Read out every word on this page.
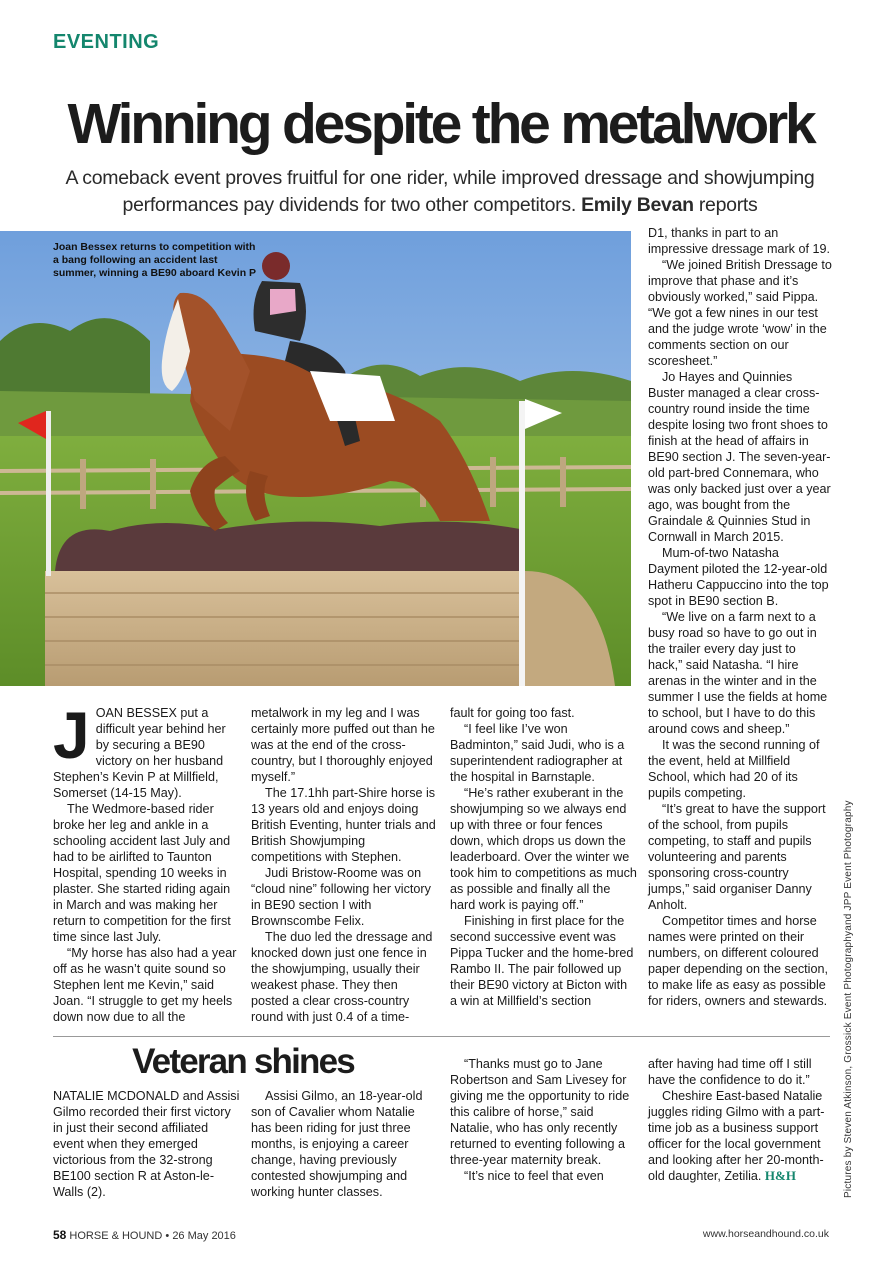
EVENTING
Winning despite the metalwork
A comeback event proves fruitful for one rider, while improved dressage and showjumping performances pay dividends for two other competitors. Emily Bevan reports
Joan Bessex returns to competition with a bang following an accident last summer, winning a BE90 aboard Kevin P

JOAN BESSEX put a difficult year behind her by securing a BE90 victory on her husband Stephen’s Kevin P at Millfield, Somerset (14-15 May).

The Wedmore-based rider broke her leg and ankle in a schooling accident last July and had to be airlifted to Taunton Hospital, spending 10 weeks in plaster. She started riding again in March and was making her return to competition for the first time since last July.

“My horse has also had a year off as he wasn’t quite sound so Stephen lent me Kevin,” said Joan. “I struggle to get my heels down now due to all the

metalwork in my leg and I was certainly more puffed out than he was at the end of the cross-country, but I thoroughly enjoyed myself.”

The 17.1hh part-Shire horse is 13 years old and enjoys doing British Eventing, hunter trials and British Showjumping competitions with Stephen.

Judi Bristow-Roome was on “cloud nine” following her victory in BE90 section I with Brownscombe Felix.

The duo led the dressage and knocked down just one fence in the showjumping, usually their weakest phase. They then posted a clear cross-country round with just 0.4 of a time-

fault for going too fast.

“I feel like I’ve won Badminton,” said Judi, who is a superintendent radiographer at the hospital in Barnstaple.

“He’s rather exuberant in the showjumping so we always end up with three or four fences down, which drops us down the leaderboard. Over the winter we took him to competitions as much as possible and finally all the hard work is paying off.”

Finishing in first place for the second successive event was Pippa Tucker and the home-bred Rambo II. The pair followed up their BE90 victory at Bicton with a win at Millfield’s section

D1, thanks in part to an impressive dressage mark of 19.

“We joined British Dressage to improve that phase and it’s obviously worked,” said Pippa. “We got a few nines in our test and the judge wrote ‘wow’ in the comments section on our scoresheet.”

Jo Hayes and Quinnies Buster managed a clear cross-country round inside the time despite losing two front shoes to finish at the head of affairs in BE90 section J. The seven-year-old part-bred Connemara, who was only backed just over a year ago, was bought from the Graindale & Quinnies Stud in Cornwall in March 2015.

Mum-of-two Natasha Dayment piloted the 12-year-old Hatheru Cappuccino into the top spot in BE90 section B.

“We live on a farm next to a busy road so have to go out in the trailer every day just to hack,” said Natasha. “I hire arenas in the winter and in the summer I use the fields at home to school, but I have to do this around cows and sheep.”

It was the second running of the event, held at Millfield School, which had 20 of its pupils competing.

“It’s great to have the support of the school, from pupils competing, to staff and pupils volunteering and parents sponsoring cross-country jumps,” said organiser Danny Anholt.

Competitor times and horse names were printed on their numbers, on different coloured paper depending on the section, to make life as easy as possible for riders, owners and stewards.

Veteran shines

NATALIE MCDONALD and Assisi Gilmo recorded their first victory in just their second affiliated event when they emerged victorious from the 32-strong BE100 section R at Aston-le-Walls (2).

Assisi Gilmo, an 18-year-old son of Cavalier whom Natalie has been riding for just three months, is enjoying a career change, having previously contested showjumping and working hunter classes.

“Thanks must go to Jane Robertson and Sam Livesey for giving me the opportunity to ride this calibre of horse,” said Natalie, who has only recently returned to eventing following a three-year maternity break.

“It’s nice to feel that even

after having had time off I still have the confidence to do it.”

Cheshire East-based Natalie juggles riding Gilmo with a part-time job as a business support officer for the local government and looking after her 20-month-old daughter, Zetilia. H&H	Pictures by Steven Atkinson, Grossick Event Photographyand JPP Event Photography
58 HORSE & HOUND • 26 May 2016	www.horseandhound.co.uk
